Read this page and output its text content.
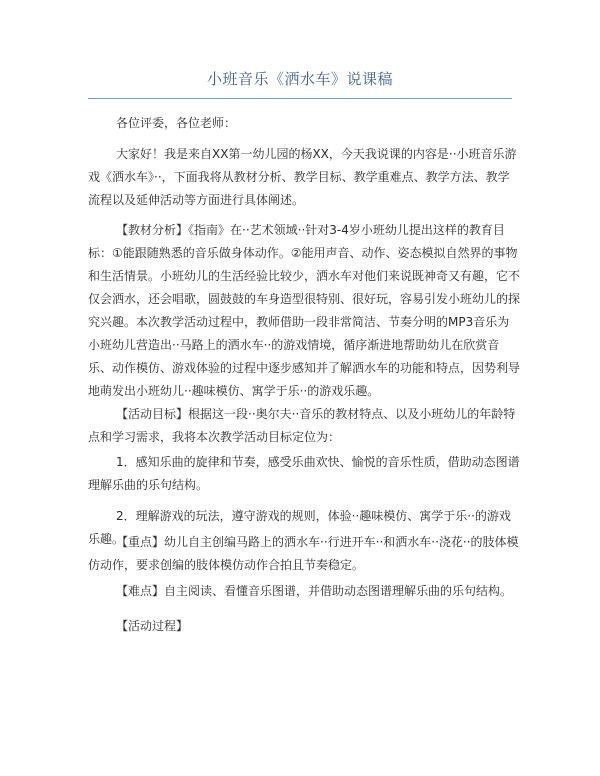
小班音乐《洒水车》说课稿

各位评委，各位老师：

大家好！我是来自XX第一幼儿园的杨XX，今天我说课的内容是··小班音乐游戏《洒水车》··，下面我将从教材分析、教学目标、教学重难点、教学方法、教学流程以及延伸活动等方面进行具体阐述。

【教材分析】《指南》在··艺术领域··针对3-4岁小班幼儿提出这样的教育目标：①能跟随熟悉的音乐做身体动作。②能用声音、动作、姿态模拟自然界的事物和生活情景。小班幼儿的生活经验比较少，洒水车对他们来说既神奇又有趣，它不仅会洒水，还会唱歌，圆鼓鼓的车身造型很特别、很好玩，容易引发小班幼儿的探究兴趣。本次教学活动过程中，教师借助一段非常简洁、节奏分明的MP3音乐为小班幼儿营造出··马路上的洒水车··的游戏情境，循序渐进地帮助幼儿在欣赏音乐、动作模仿、游戏体验的过程中逐步感知并了解洒水车的功能和特点，因势利导地萌发出小班幼儿··趣味模仿、寓学于乐··的游戏乐趣。

【活动目标】根据这一段··奥尔夫··音乐的教材特点、以及小班幼儿的年龄特点和学习需求，我将本次教学活动目标定位为：

1．感知乐曲的旋律和节奏，感受乐曲欢快、愉悦的音乐性质，借助动态图谱理解乐曲的乐句结构。

2．理解游戏的玩法，遵守游戏的规则，体验··趣味模仿、寓学于乐··的游戏乐趣。

【重点】幼儿自主创编马路上的洒水车··行进开车··和洒水车··浇花··的肢体模仿动作，要求创编的肢体模仿动作合拍且节奏稳定。

【难点】自主阅读、看懂音乐图谱，并借助动态图谱理解乐曲的乐句结构。

【活动过程】
